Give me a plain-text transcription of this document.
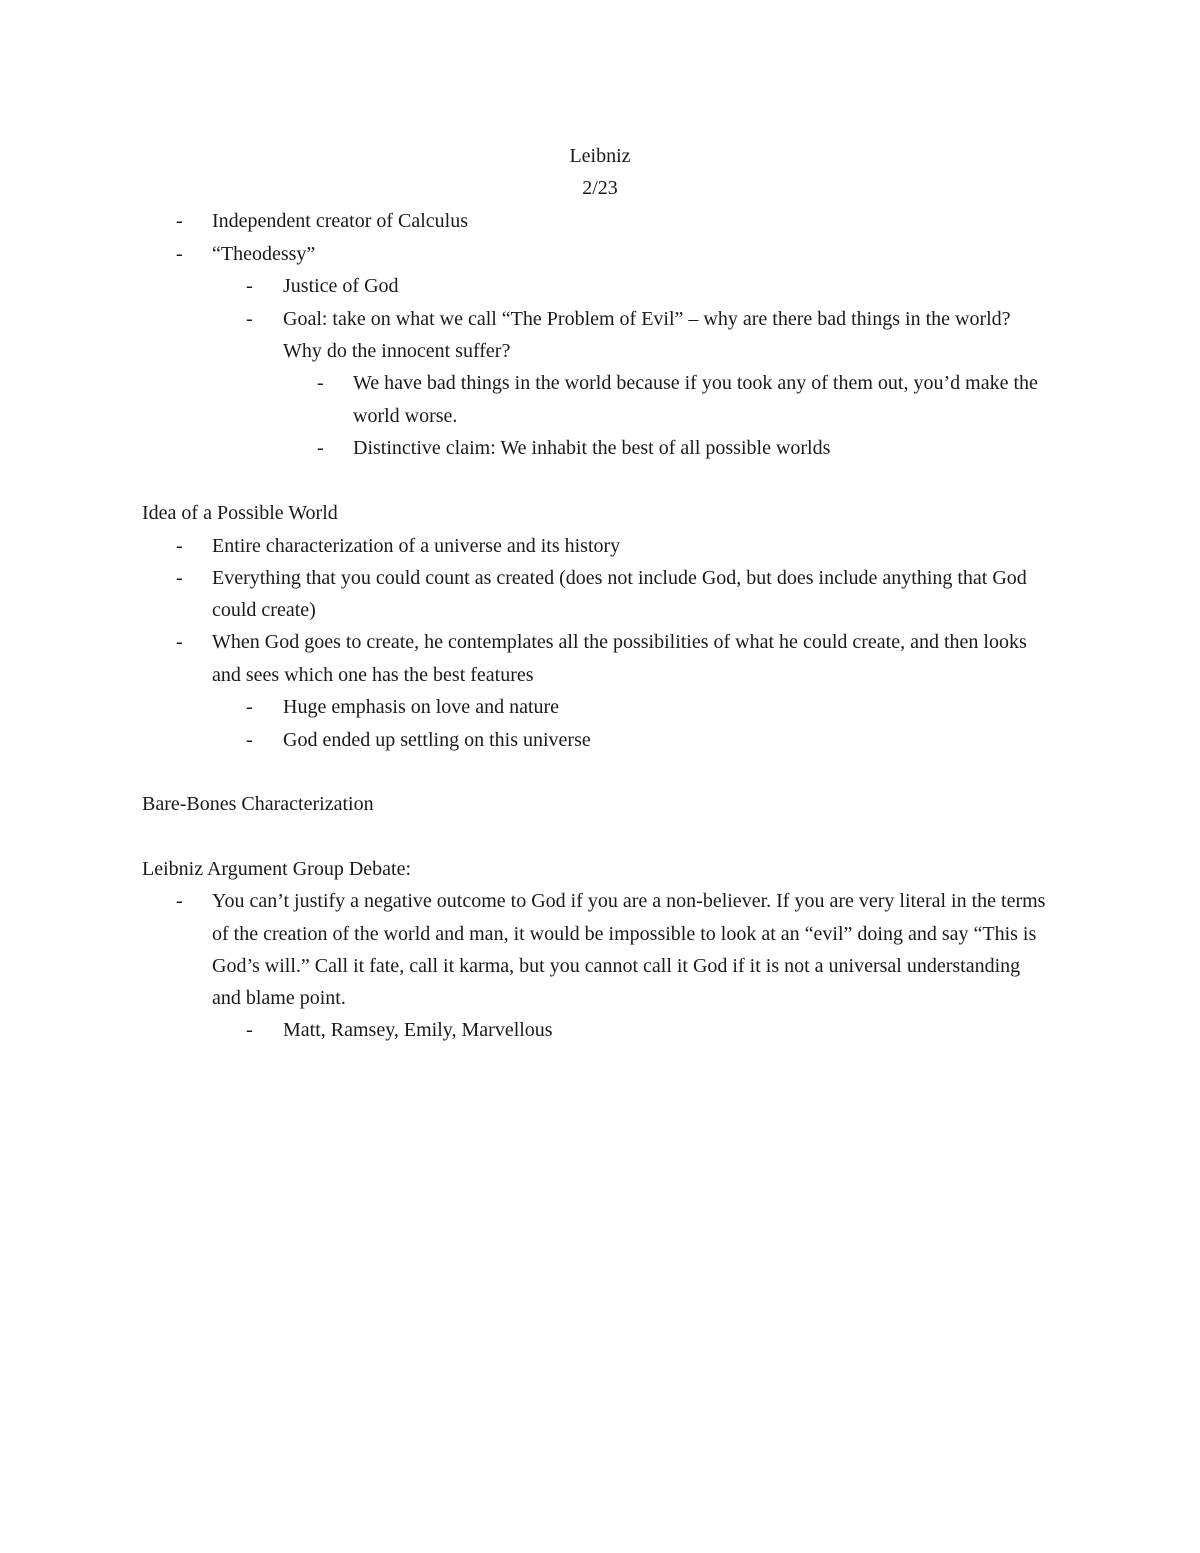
Leibniz
2/23
- Independent creator of Calculus
- “Theodessy”
- Justice of God
- Goal: take on what we call “The Problem of Evil” – why are there bad things in the world?
Why do the innocent suffer?
- We have bad things in the world because if you took any of them out, you’d make the
world worse.
- Distinctive claim: We inhabit the best of all possible worlds
Idea of a Possible World
- Entire characterization of a universe and its history
- Everything that you could count as created (does not include God, but does include anything that God
could create)
- When God goes to create, he contemplates all the possibilities of what he could create, and then looks
and sees which one has the best features
- Huge emphasis on love and nature
- God ended up settling on this universe
Bare-Bones Characterization
Leibniz Argument Group Debate:
- You can’t justify a negative outcome to God if you are a non-believer. If you are very literal in the terms
of the creation of the world and man, it would be impossible to look at an “evil” doing and say “This is
God’s will.” Call it fate, call it karma, but you cannot call it God if it is not a universal understanding
and blame point.
- Matt, Ramsey, Emily, Marvellous
